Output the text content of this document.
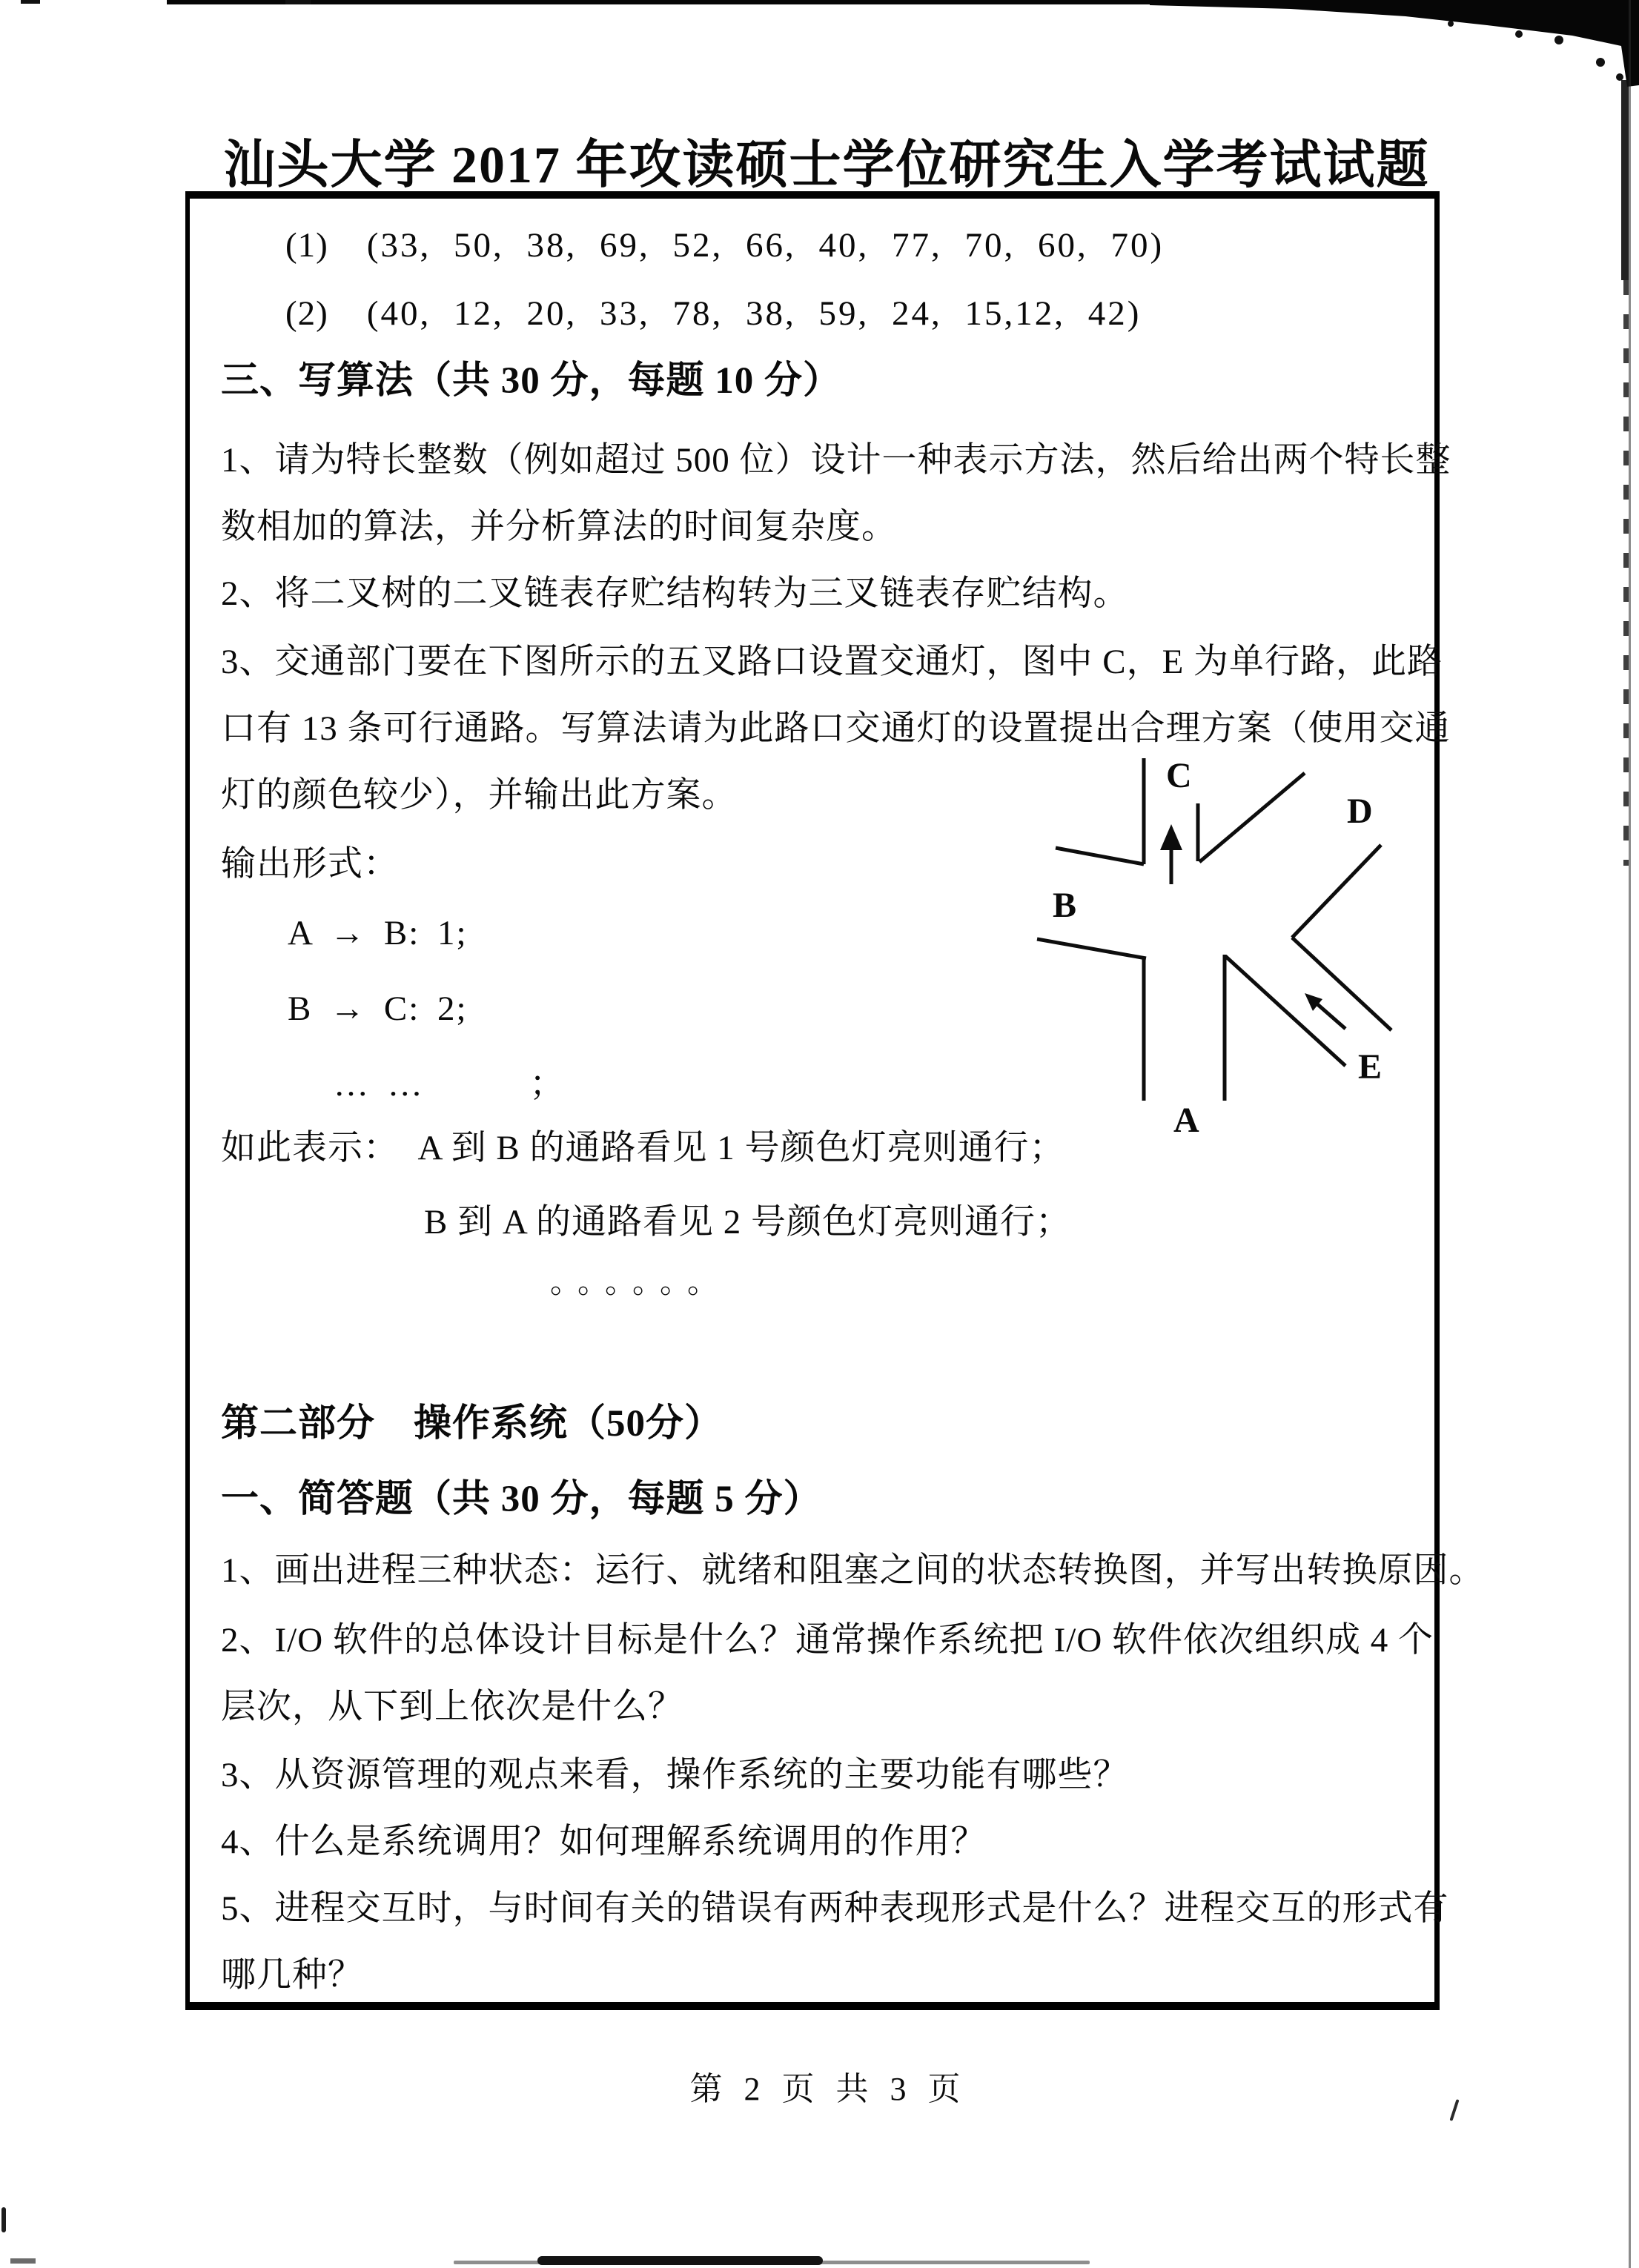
汕头大学 2017 年攻读硕士学位研究生入学考试试题
(1) (33, 50, 38, 69, 52, 66, 40, 77, 70, 60, 70)
(2) (40, 12, 20, 33, 78, 38, 59, 24, 15,12, 42)
三、写算法（共 30 分，每题 10 分）
1、请为特长整数（例如超过 500 位）设计一种表示方法，然后给出两个特长整
数相加的算法，并分析算法的时间复杂度。
2、将二叉树的二叉链表存贮结构转为三叉链表存贮结构。
3、交通部门要在下图所示的五叉路口设置交通灯，图中 C，E 为单行路，此路
口有 13 条可行通路。写算法请为此路口交通灯的设置提出合理方案（使用交通
灯的颜色较少），并输出此方案。
输出形式：
A → B: 1;
B → C: 2;
… …      ；
如此表示：  A 到 B 的通路看见 1 号颜色灯亮则通行；
B 到 A 的通路看见 2 号颜色灯亮则通行；
。。。。。。
C
B
D
E
A
第二部分　操作系统（50分）
一、简答题（共 30 分，每题 5 分）
1、画出进程三种状态：运行、就绪和阻塞之间的状态转换图，并写出转换原因。
2、I/O 软件的总体设计目标是什么？通常操作系统把 I/O 软件依次组织成 4 个
层次，从下到上依次是什么？
3、从资源管理的观点来看，操作系统的主要功能有哪些？
4、什么是系统调用？如何理解系统调用的作用？
5、进程交互时，与时间有关的错误有两种表现形式是什么？进程交互的形式有
哪几种？
第 2 页 共 3 页
